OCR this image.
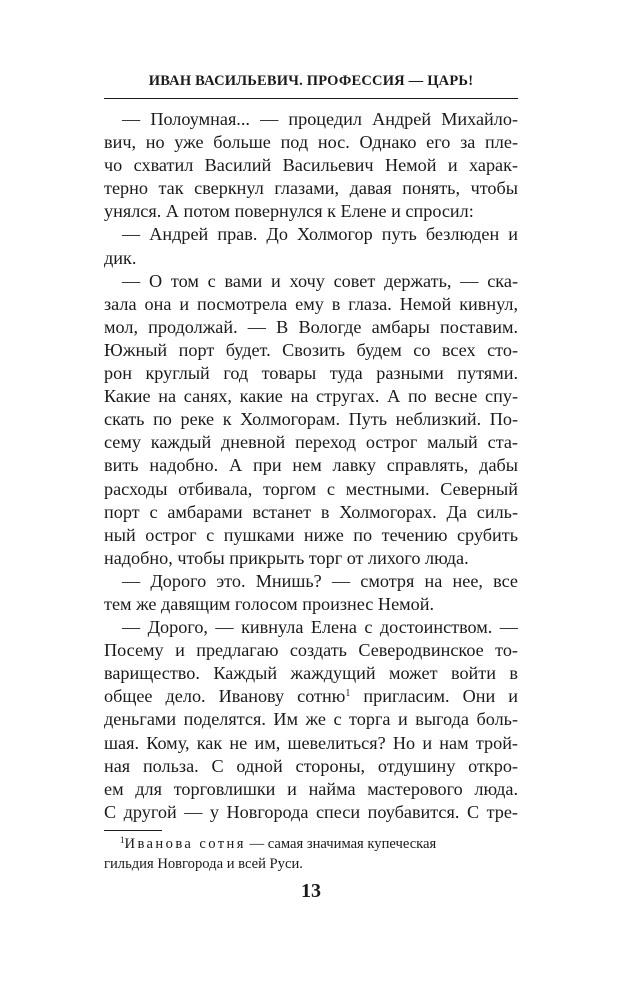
ИВАН ВАСИЛЬЕВИЧ. ПРОФЕССИЯ — ЦАРЬ!
— Полоумная... — процедил Андрей Михайло-
вич, но уже больше под нос. Однако его за пле-
чо схватил Василий Васильевич Немой и харак-
терно так сверкнул глазами, давая понять, чтобы
унялся. А потом повернулся к Елене и спросил:
— Андрей прав. До Холмогор путь безлюден и
дик.
— О том с вами и хочу совет держать, — ска-
зала она и посмотрела ему в глаза. Немой кивнул,
мол, продолжай. — В Вологде амбары поставим.
Южный порт будет. Свозить будем со всех сто-
рон круглый год товары туда разными путями.
Какие на санях, какие на стругах. А по весне спу-
скать по реке к Холмогорам. Путь неблизкий. По-
сему каждый дневной переход острог малый ста-
вить надобно. А при нем лавку справлять, дабы
расходы отбивала, торгом с местными. Северный
порт с амбарами встанет в Холмогорах. Да силь-
ный острог с пушками ниже по течению срубить
надобно, чтобы прикрыть торг от лихого люда.
— Дорого это. Мнишь? — смотря на нее, все
тем же давящим голосом произнес Немой.
— Дорого, — кивнула Елена с достоинством. —
Посему и предлагаю создать Северодвинское то-
варищество. Каждый жаждущий может войти в
общее дело. Иванову сотню$^1$ пригласим. Они и
деньгами поделятся. Им же с торга и выгода боль-
шая. Кому, как не им, шевелиться? Но и нам трой-
ная польза. С одной стороны, отдушину откро-
ем для торговлишки и найма мастерового люда.
С другой — у Новгорода спеси поубавится. С тре-
$^1$Иванова сотня — самая значимая купеческая
гильдия Новгорода и всей Руси.
13
